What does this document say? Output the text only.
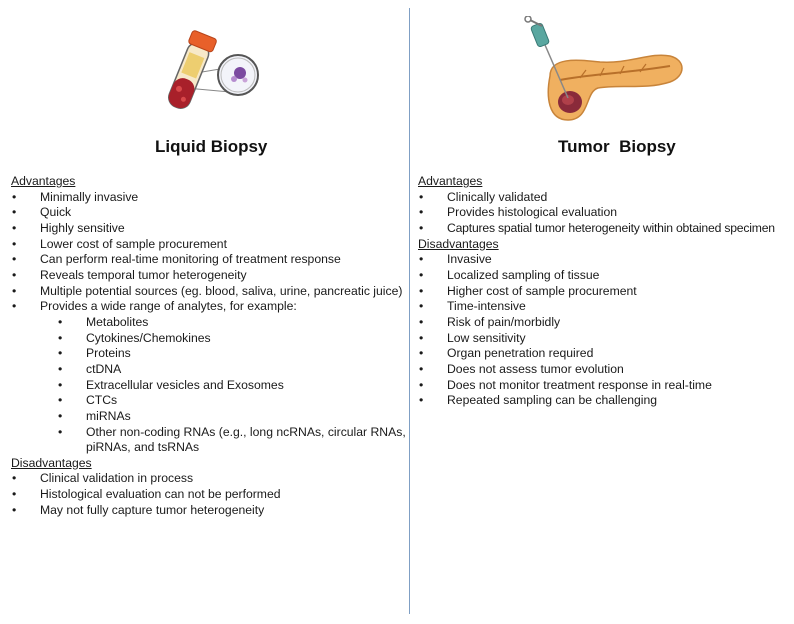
Liquid Biopsy	Tumor  Biopsy
Advantages
• Minimally invasive
• Quick
• Highly sensitive
• Lower cost of sample procurement
• Can perform real-time monitoring of treatment response
• Reveals temporal tumor heterogeneity
• Multiple potential sources (eg. blood, saliva, urine, pancreatic juice)
• Provides a wide range of analytes, for example:
• Metabolites
• Cytokines/Chemokines
• Proteins
• ctDNA
• Extracellular vesicles and Exosomes
• CTCs
• miRNAs
• Other non-coding RNAs (e.g., long ncRNAs, circular RNAs, piRNAs, and tsRNAs
Disadvantages
• Clinical validation in process
• Histological evaluation can not be performed
• May not fully capture tumor heterogeneity
Advantages
• Clinically validated
• Provides histological evaluation
• Captures spatial tumor heterogeneity within obtained specimen
Disadvantages
• Invasive
• Localized sampling of tissue
• Higher cost of sample procurement
• Time-intensive
• Risk of pain/morbidly
• Low sensitivity
• Organ penetration required
• Does not assess tumor evolution
• Does not monitor treatment response in real-time
• Repeated sampling can be challenging
